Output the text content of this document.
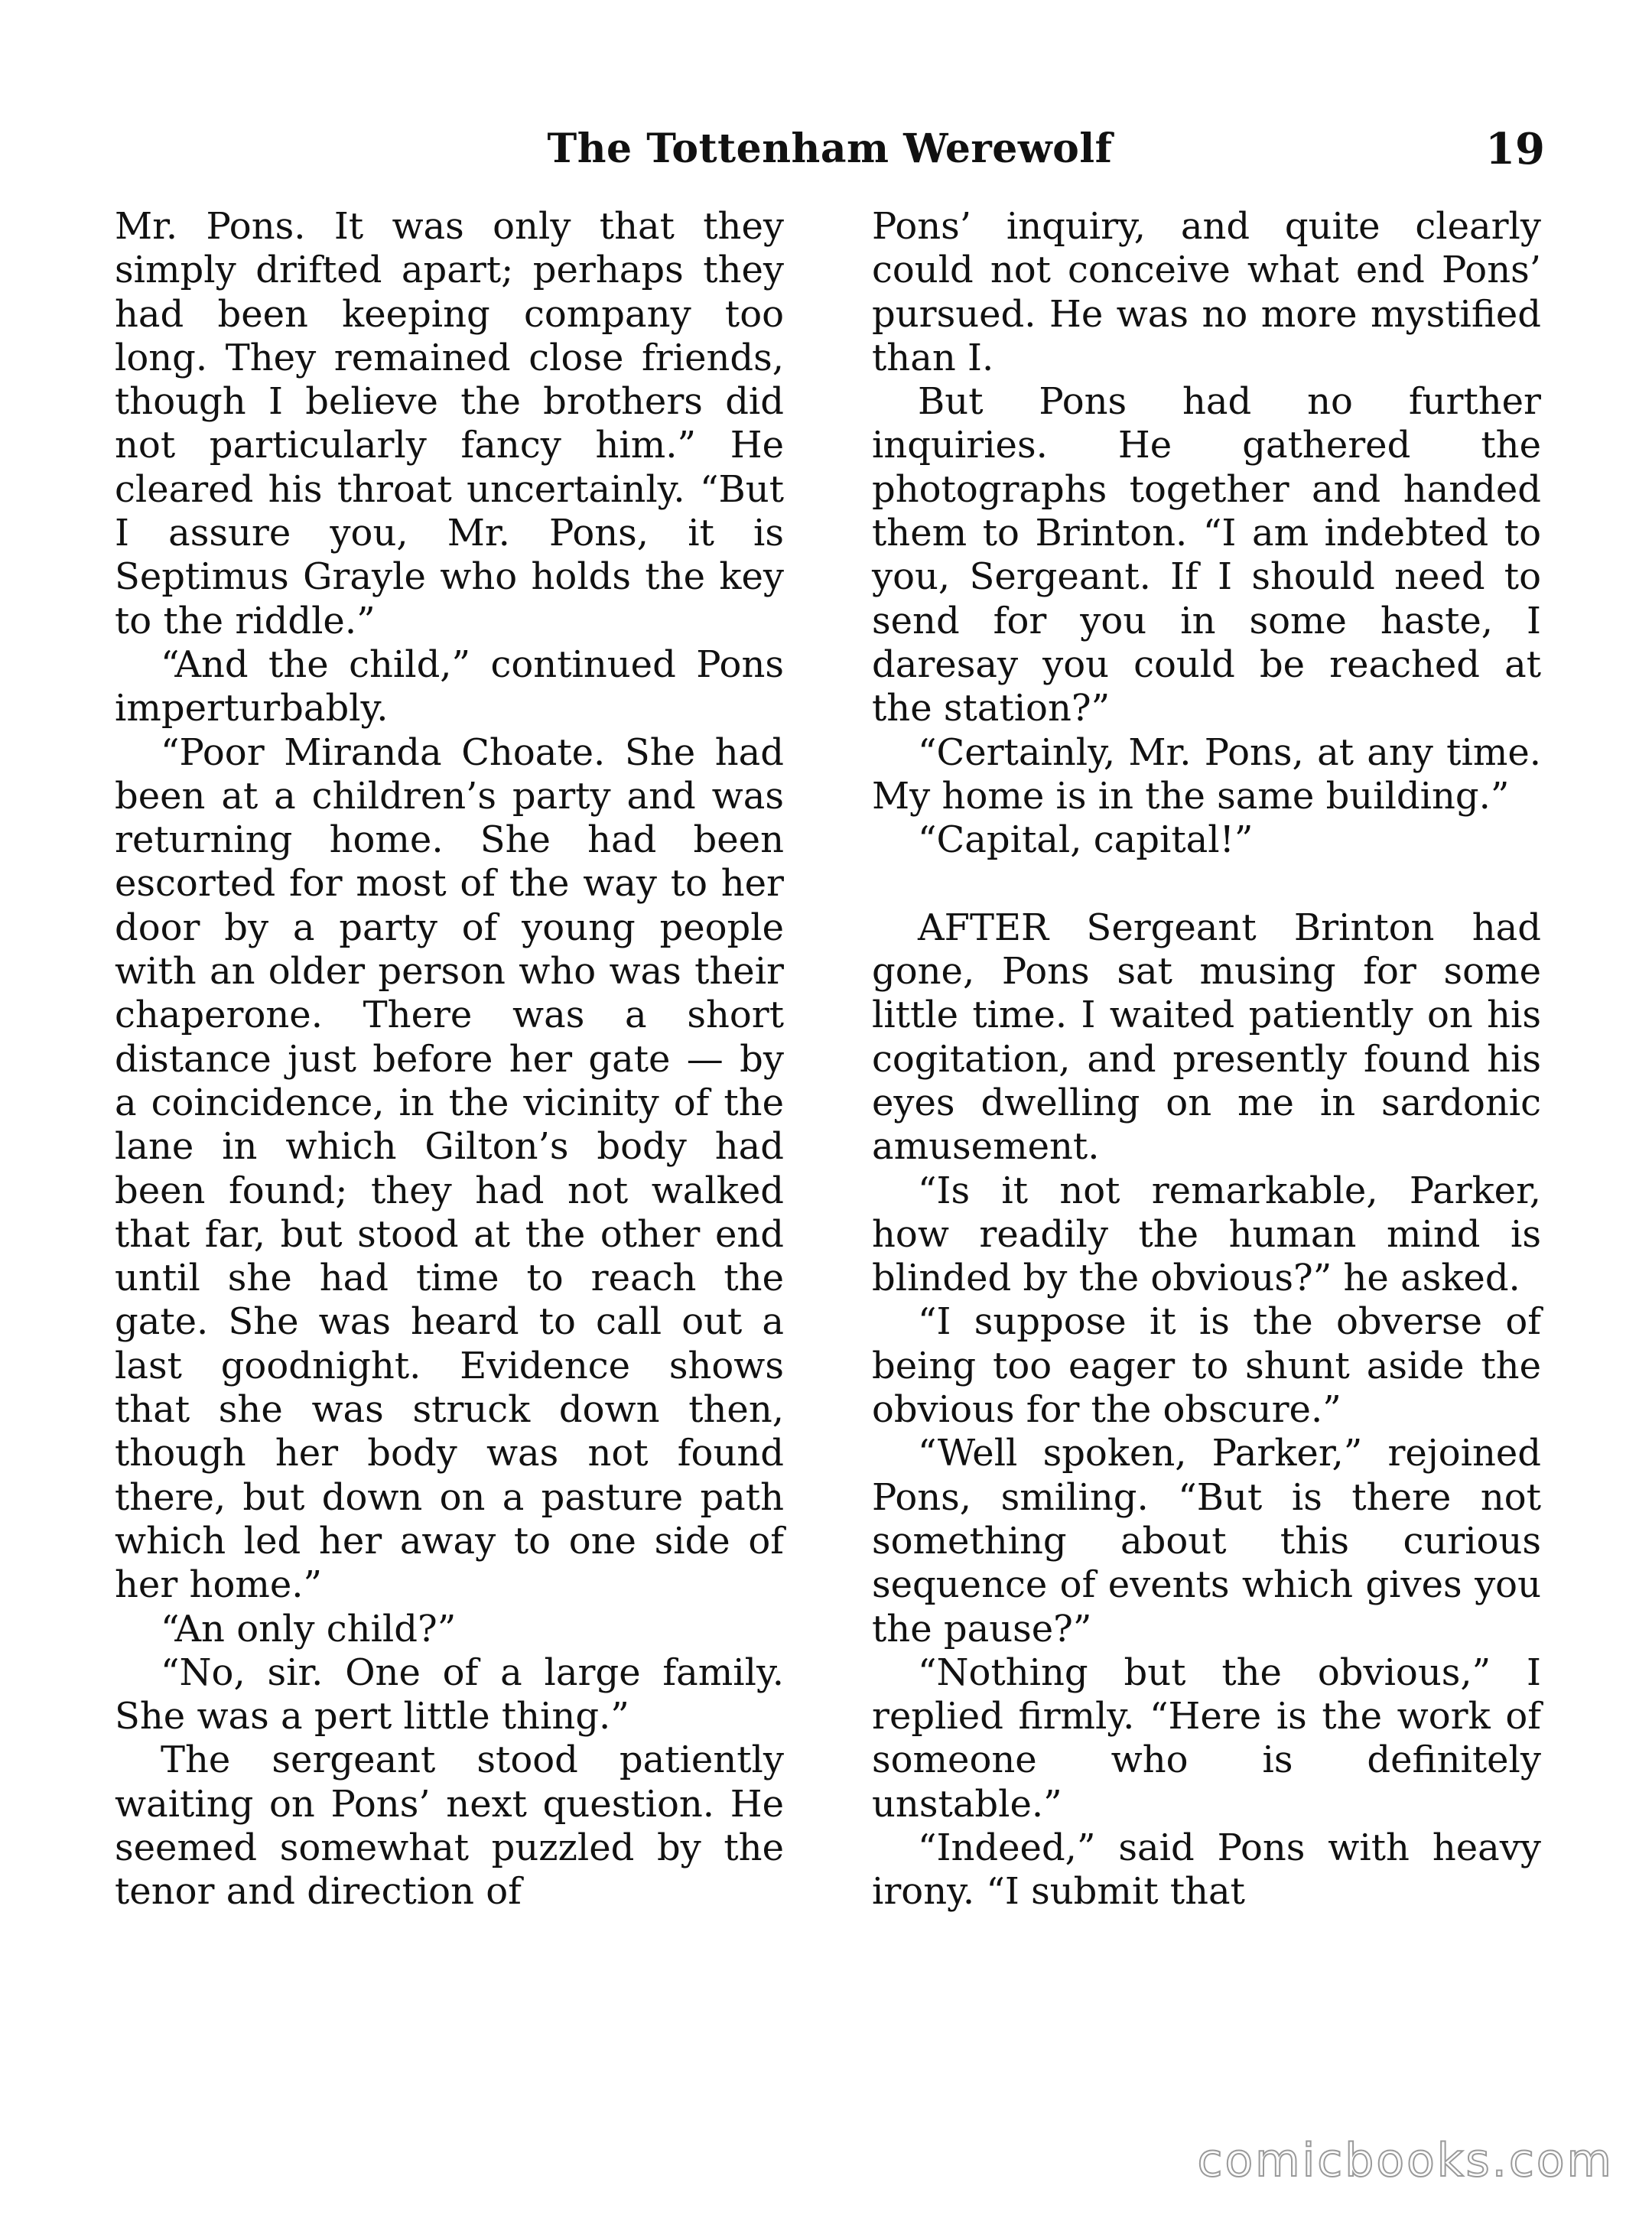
The Tottenham Werewolf	19

Mr. Pons. It was only that they simply drifted apart; perhaps they had been keeping company too long. They remained close friends, though I believe the brothers did not particularly fancy him.” He cleared his throat uncertainly. “But I assure you, Mr. Pons, it is Septimus Grayle who holds the key to the riddle.”

“And the child,” continued Pons imperturbably.

“Poor Miranda Choate. She had been at a children’s party and was returning home. She had been escorted for most of the way to her door by a party of young people with an older person who was their chaperone. There was a short distance just before her gate — by a coincidence, in the vicinity of the lane in which Gilton’s body had been found; they had not walked that far, but stood at the other end until she had time to reach the gate. She was heard to call out a last goodnight. Evidence shows that she was struck down then, though her body was not found there, but down on a pasture path which led her away to one side of her home.”

“An only child?”

“No, sir. One of a large family. She was a pert little thing.”

The sergeant stood patiently waiting on Pons’ next question. He seemed somewhat puzzled by the tenor and direction of

Pons’ inquiry, and quite clearly could not conceive what end Pons’ pursued. He was no more mystified than I.

But Pons had no further inquiries. He gathered the photographs together and handed them to Brinton. “I am indebted to you, Sergeant. If I should need to send for you in some haste, I daresay you could be reached at the station?”

“Certainly, Mr. Pons, at any time. My home is in the same building.”

“Capital, capital!”

AFTER Sergeant Brinton had gone, Pons sat musing for some little time. I waited patiently on his cogitation, and presently found his eyes dwelling on me in sardonic amusement.

“Is it not remarkable, Parker, how readily the human mind is blinded by the obvious?” he asked.

“I suppose it is the obverse of being too eager to shunt aside the obvious for the obscure.”

“Well spoken, Parker,” rejoined Pons, smiling. “But is there not something about this curious sequence of events which gives you the pause?”

“Nothing but the obvious,” I replied firmly. “Here is the work of someone who is definitely unstable.”

“Indeed,” said Pons with heavy irony. “I submit that

comicbooks.com
